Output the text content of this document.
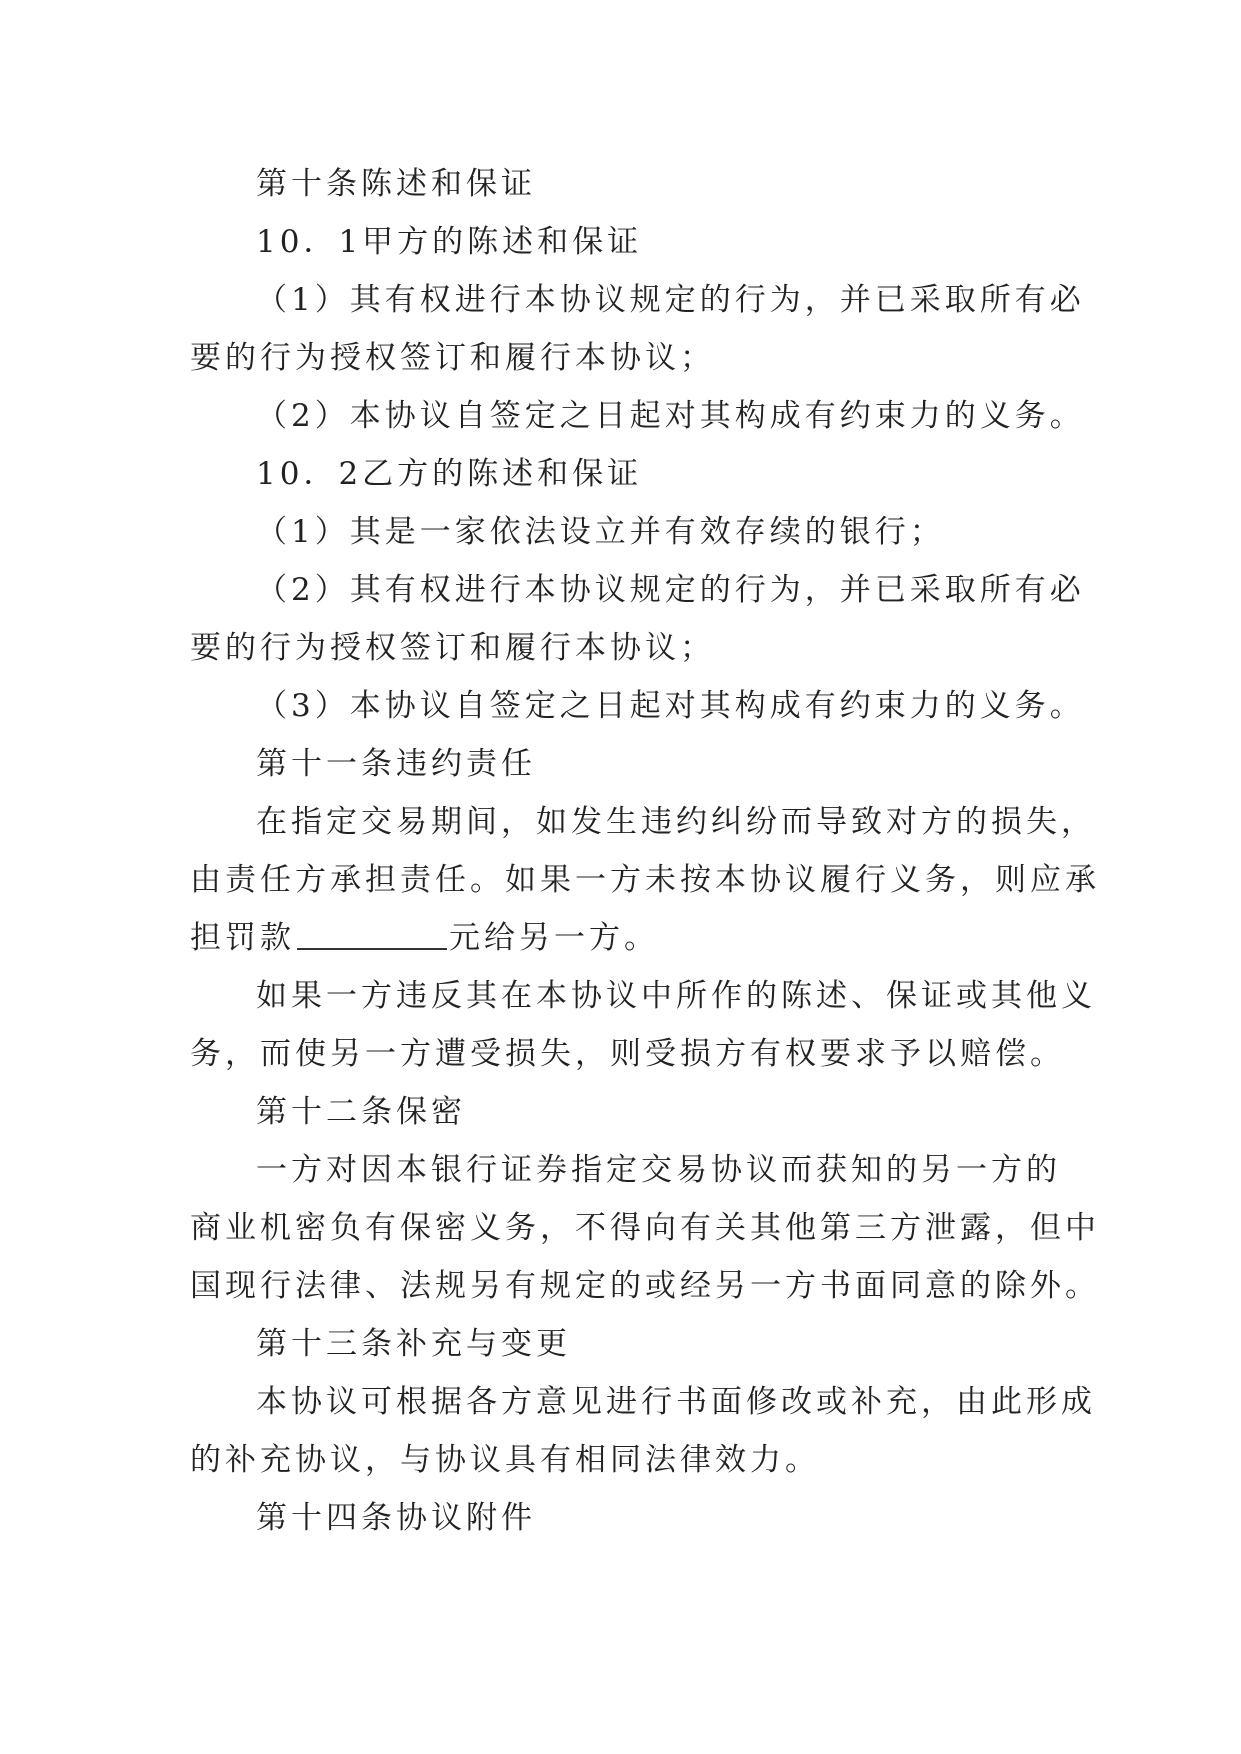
第十条陈述和保证
10．1甲方的陈述和保证
（1）其有权进行本协议规定的行为，并已采取所有必
要的行为授权签订和履行本协议；
（2）本协议自签定之日起对其构成有约束力的义务。
10．2乙方的陈述和保证
（1）其是一家依法设立并有效存续的银行；
（2）其有权进行本协议规定的行为，并已采取所有必
要的行为授权签订和履行本协议；
（3）本协议自签定之日起对其构成有约束力的义务。
第十一条违约责任
在指定交易期间，如发生违约纠纷而导致对方的损失，
由责任方承担责任。如果一方未按本协议履行义务，则应承
担罚款	元给另一方。
如果一方违反其在本协议中所作的陈述、保证或其他义
务，而使另一方遭受损失，则受损方有权要求予以赔偿。
第十二条保密
一方对因本银行证券指定交易协议而获知的另一方的
商业机密负有保密义务，不得向有关其他第三方泄露，但中
国现行法律、法规另有规定的或经另一方书面同意的除外。
第十三条补充与变更
本协议可根据各方意见进行书面修改或补充，由此形成
的补充协议，与协议具有相同法律效力。
第十四条协议附件
